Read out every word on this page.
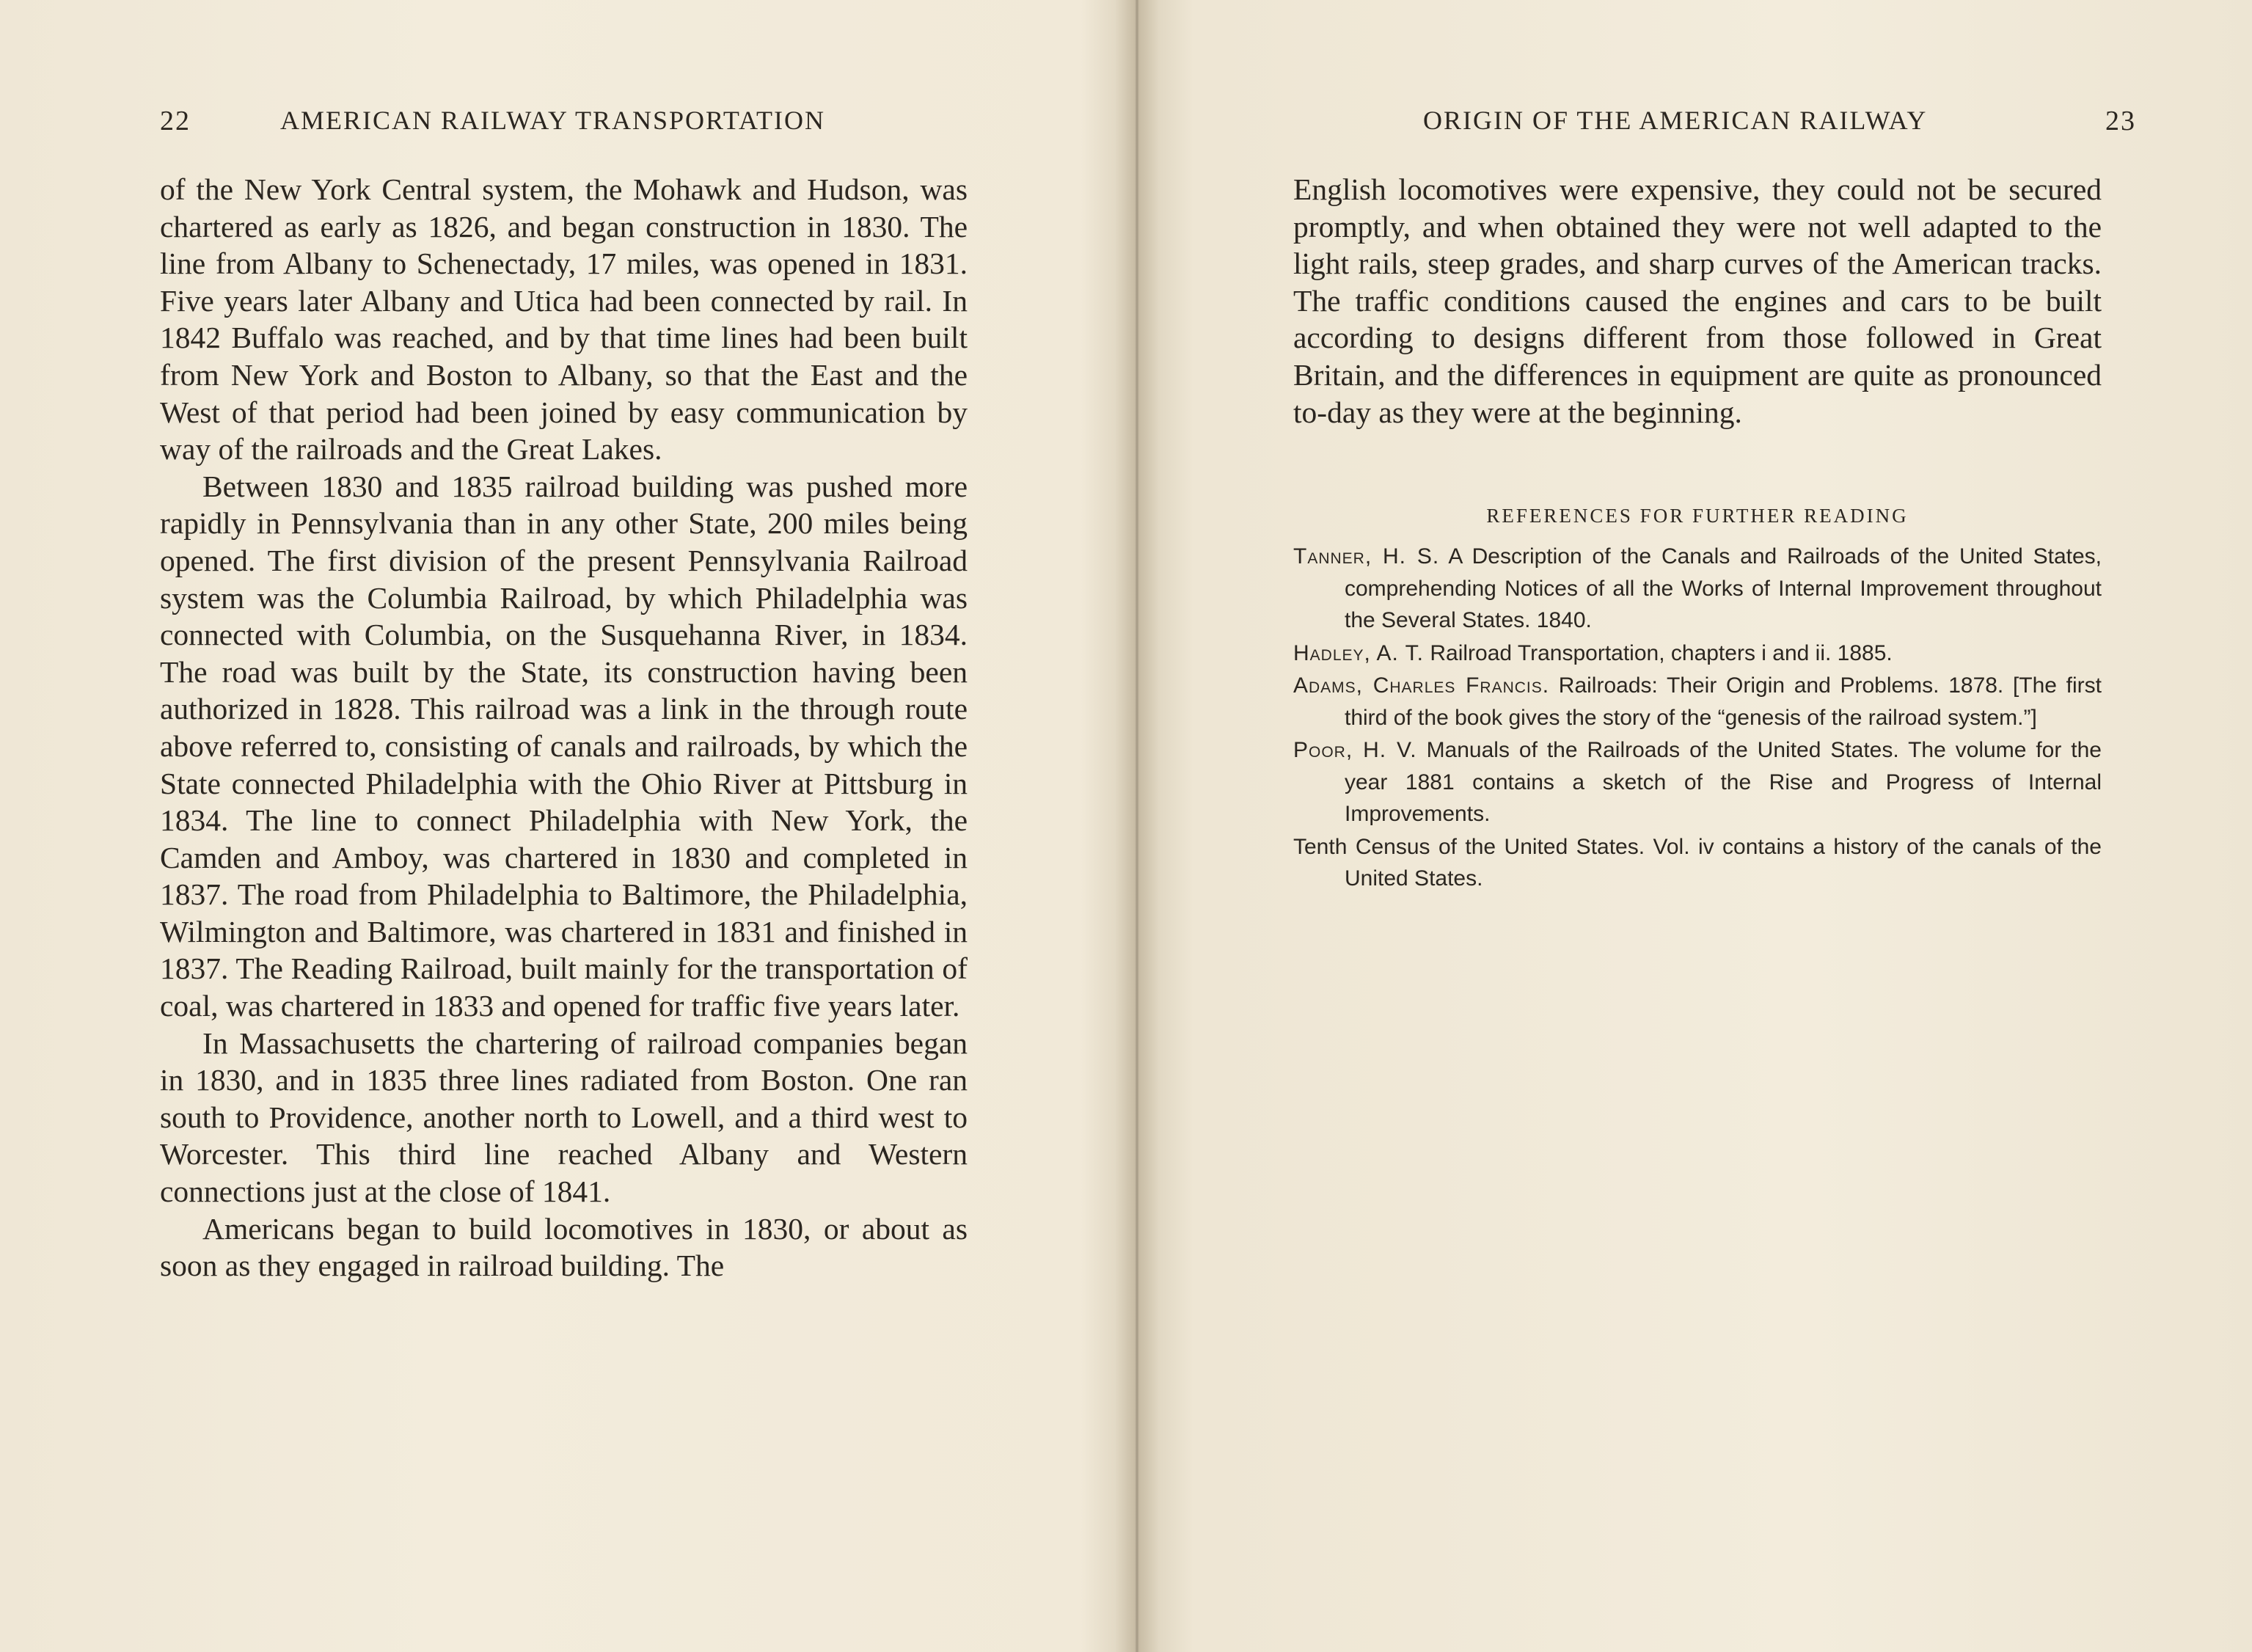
22	AMERICAN RAILWAY TRANSPORTATION

of the New York Central system, the Mohawk and Hudson, was chartered as early as 1826, and began construction in 1830. The line from Albany to Schenectady, 17 miles, was opened in 1831. Five years later Albany and Utica had been connected by rail. In 1842 Buffalo was reached, and by that time lines had been built from New York and Boston to Albany, so that the East and the West of that period had been joined by easy communication by way of the railroads and the Great Lakes.

Between 1830 and 1835 railroad building was pushed more rapidly in Pennsylvania than in any other State, 200 miles being opened. The first division of the present Pennsylvania Railroad system was the Columbia Railroad, by which Philadelphia was connected with Columbia, on the Susquehanna River, in 1834. The road was built by the State, its construction having been authorized in 1828. This railroad was a link in the through route above referred to, consisting of canals and railroads, by which the State connected Philadelphia with the Ohio River at Pittsburg in 1834. The line to connect Philadelphia with New York, the Camden and Amboy, was chartered in 1830 and completed in 1837. The road from Philadelphia to Baltimore, the Philadelphia, Wilmington and Baltimore, was chartered in 1831 and finished in 1837. The Reading Railroad, built mainly for the transportation of coal, was chartered in 1833 and opened for traffic five years later.

In Massachusetts the chartering of railroad companies began in 1830, and in 1835 three lines radiated from Boston. One ran south to Providence, another north to Lowell, and a third west to Worcester. This third line reached Albany and Western connections just at the close of 1841.

Americans began to build locomotives in 1830, or about as soon as they engaged in railroad building. The

ORIGIN OF THE AMERICAN RAILWAY	23

English locomotives were expensive, they could not be secured promptly, and when obtained they were not well adapted to the light rails, steep grades, and sharp curves of the American tracks. The traffic conditions caused the engines and cars to be built according to designs different from those followed in Great Britain, and the differences in equipment are quite as pronounced to-day as they were at the beginning.

REFERENCES FOR FURTHER READING

Tanner, H. S. A Description of the Canals and Railroads of the United States, comprehending Notices of all the Works of Internal Improvement throughout the Several States. 1840.

Hadley, A. T. Railroad Transportation, chapters i and ii. 1885.

Adams, Charles Francis. Railroads: Their Origin and Problems. 1878. [The first third of the book gives the story of the “genesis of the railroad system.”]

Poor, H. V. Manuals of the Railroads of the United States. The volume for the year 1881 contains a sketch of the Rise and Progress of Internal Improvements.

Tenth Census of the United States. Vol. iv contains a history of the canals of the United States.
